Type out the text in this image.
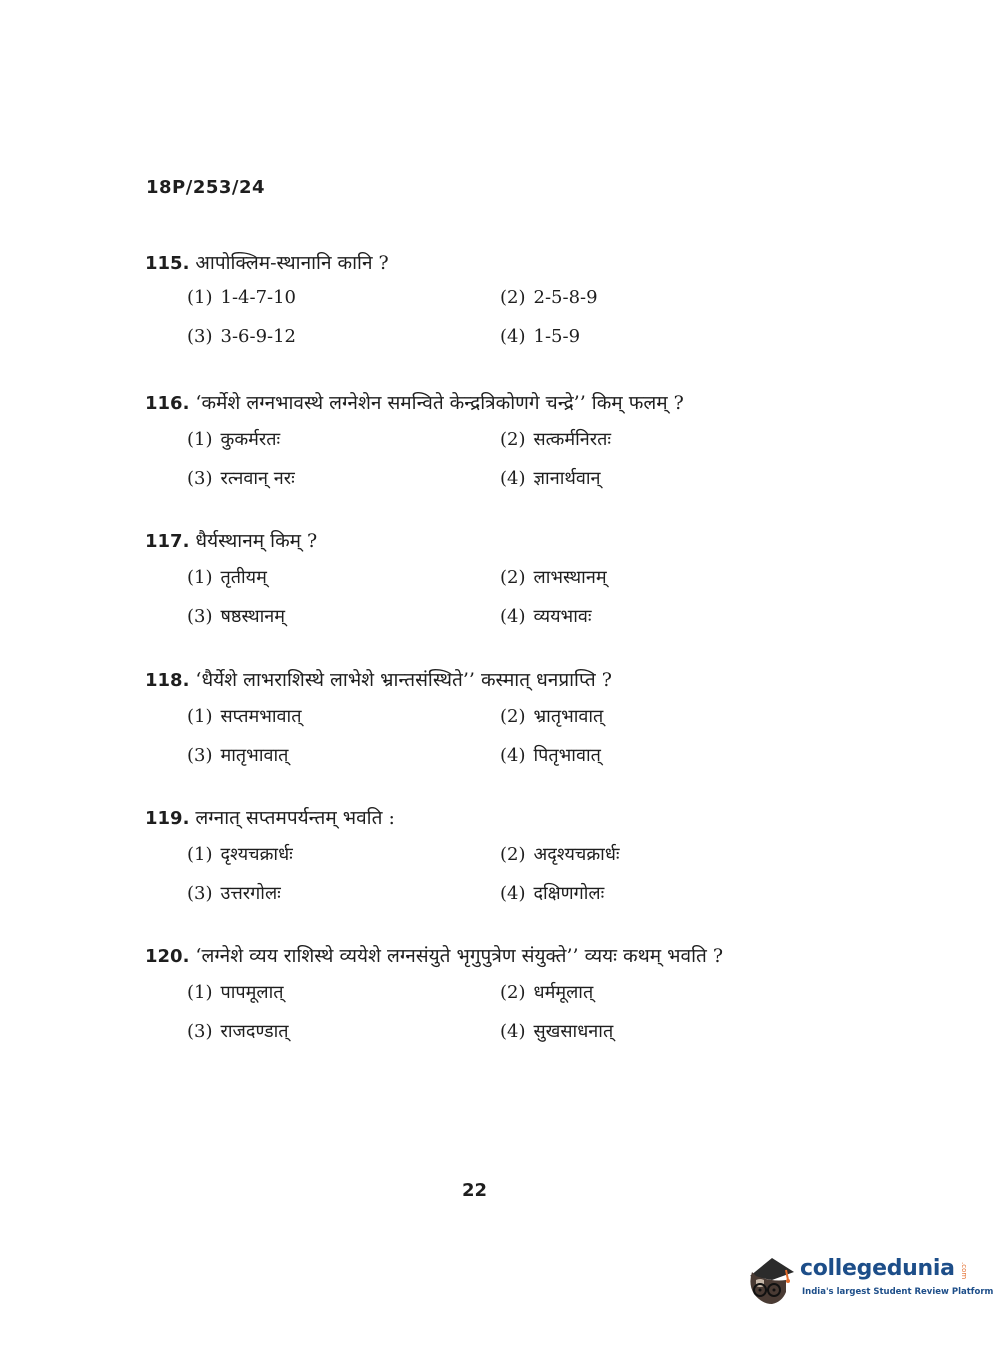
18P/253/24
115. आपोक्लिम-स्थानानि कानि ?
(1) 1-4-7-10	(2) 2-5-8-9
(3) 3-6-9-12	(4) 1-5-9
116. ‘कर्मेशे लग्नभावस्थे लग्नेशेन समन्विते केन्द्रत्रिकोणगे चन्द्रे’’ किम् फलम् ?
(1) कुकर्मरतः	(2) सत्कर्मनिरतः
(3) रत्नवान् नरः	(4) ज्ञानार्थवान्
117. धैर्यस्थानम् किम् ?
(1) तृतीयम्	(2) लाभस्थानम्
(3) षष्ठस्थानम्	(4) व्ययभावः
118. ‘धैर्येशे लाभराशिस्थे लाभेशे भ्रान्तसंस्थिते’’ कस्मात् धनप्राप्ति ?
(1) सप्तमभावात्	(2) भ्रातृभावात्
(3) मातृभावात्	(4) पितृभावात्
119. लग्नात् सप्तमपर्यन्तम् भवति :
(1) दृश्यचक्रार्धः	(2) अदृश्यचक्रार्धः
(3) उत्तरगोलः	(4) दक्षिणगोलः
120. ‘लग्नेशे व्यय राशिस्थे व्ययेशे लग्नसंयुते भृगुपुत्रेण संयुक्ते’’ व्ययः कथम् भवति ?
(1) पापमूलात्	(2) धर्ममूलात्
(3) राजदण्डात्	(4) सुखसाधनात्
22
collegedunia .com
India's largest Student Review Platform
